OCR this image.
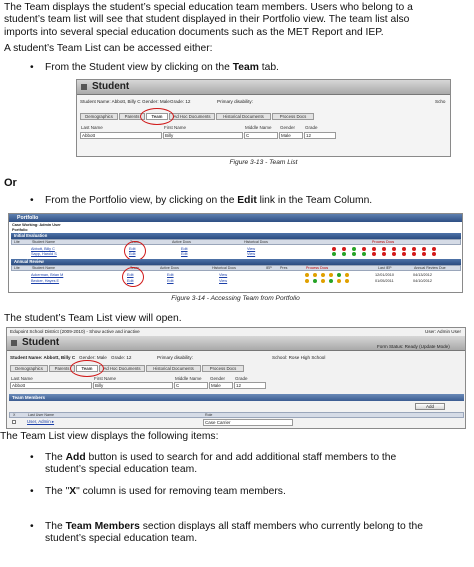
The Team displays the student’s special education team members. Users who belong to a
student’s team list will see that student displayed in their Portfolio view. The team list also
imports into several special education documents such as the MET Report and IEP.
A student’s Team List can be accessed either:
• From the Student view by clicking on the Team tab.
Student
Student Name: Abbott, Billy C Gender: Male Grade: 12	Primary disability:	Scho
Demographics	Parents	Team	Ad Hoc Documents	Historical Documents	Process Docs
Last Name	First Name	Middle Name Gender Grade
Abbott	Billy	C	Male	12
Figure 3-13 - Team List
Or
• From the Portfolio view, by clicking on the Edit link in the Team Column.
Portfolio
Case Working: Admin User
Portfolio
Initial Evaluation
Lite	Student Name	Team	Active Docs	Historical Docs	Process Docs
Abbott, Billy C	Edit	Edit	View
Sapp, Harold S	Edit	Edit	View
Annual Review
Lite	Student Name	Team	Active Docs	Historical Docs	IEP Pres	Process Docs	Last IEP	Annual Review Due
Ackerman, Brian M	Edit	Edit	View	12/01/2010	04/13/2012
Becker, Hayes E	Edit	Edit	View	01/05/2011	04/10/2012
Figure 3-14 - Accessing Team from Portfolio
The student’s Team List view will open.
Edupoint School District (2009-2010) - Show active and inactive	User: Admin User
Student	Form Status: Ready (Update Mode)
Student Name: Abbott, Billy C Gender: Male Grade: 12	Primary disability:	School: Rose High School
Demographics	Parents	Team	Ad Hoc Documents	Historical Documents	Process Docs
Last Name	First Name	Middle Name Gender Grade
Abbott	Billy	C	Male	12
Team Members
Add
X	Last User Name	Role
User, Admin ▸	Case Carrier
The Team List view displays the following items:
• The Add button is used to search for and add additional staff members to the
student’s special education team.
• The "X" column is used for removing team members.
• The Team Members section displays all staff members who currently belong to the
student’s special education team.
